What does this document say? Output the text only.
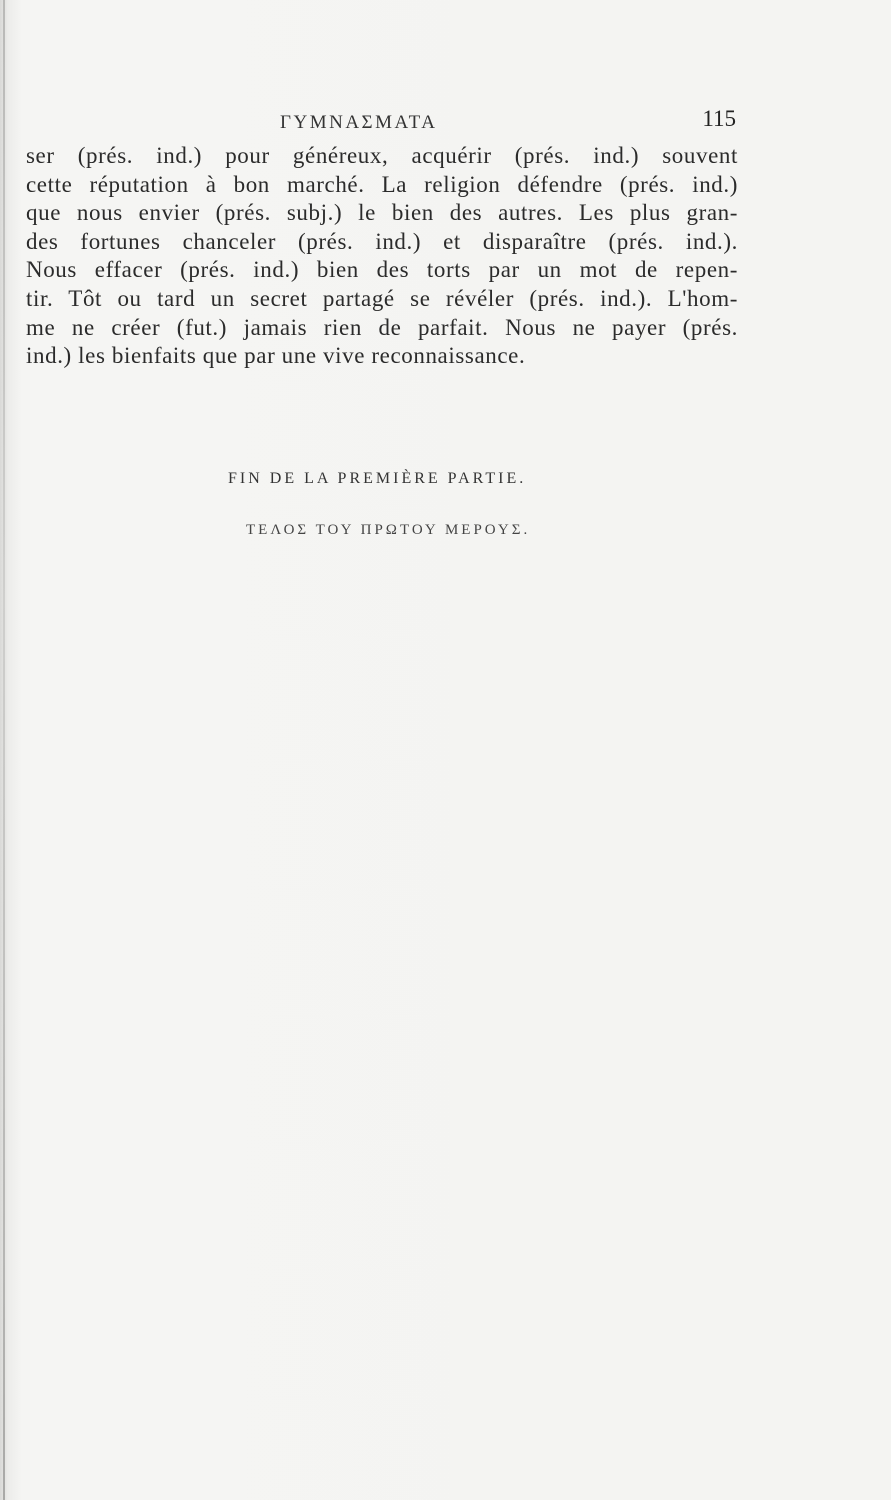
ΓΥΜΝΑΣΜΑΤΑ	115
ser (prés. ind.) pour généreux, acquérir (prés. ind.) souvent
cette réputation à bon marché. La religion défendre (prés. ind.)
que nous envier (prés. subj.) le bien des autres. Les plus gran-
des fortunes chanceler (prés. ind.) et disparaître (prés. ind.).
Nous effacer (prés. ind.) bien des torts par un mot de repen-
tir. Tôt ou tard un secret partagé se révéler (prés. ind.). L'hom-
me ne créer (fut.) jamais rien de parfait. Nous ne payer (prés.
ind.) les bienfaits que par une vive reconnaissance.
FIN DE LA PREMIÈRE PARTIE.
ΤΕΛΟΣ ΤΟΥ ΠΡΩΤΟΥ ΜΕΡΟΥΣ.
